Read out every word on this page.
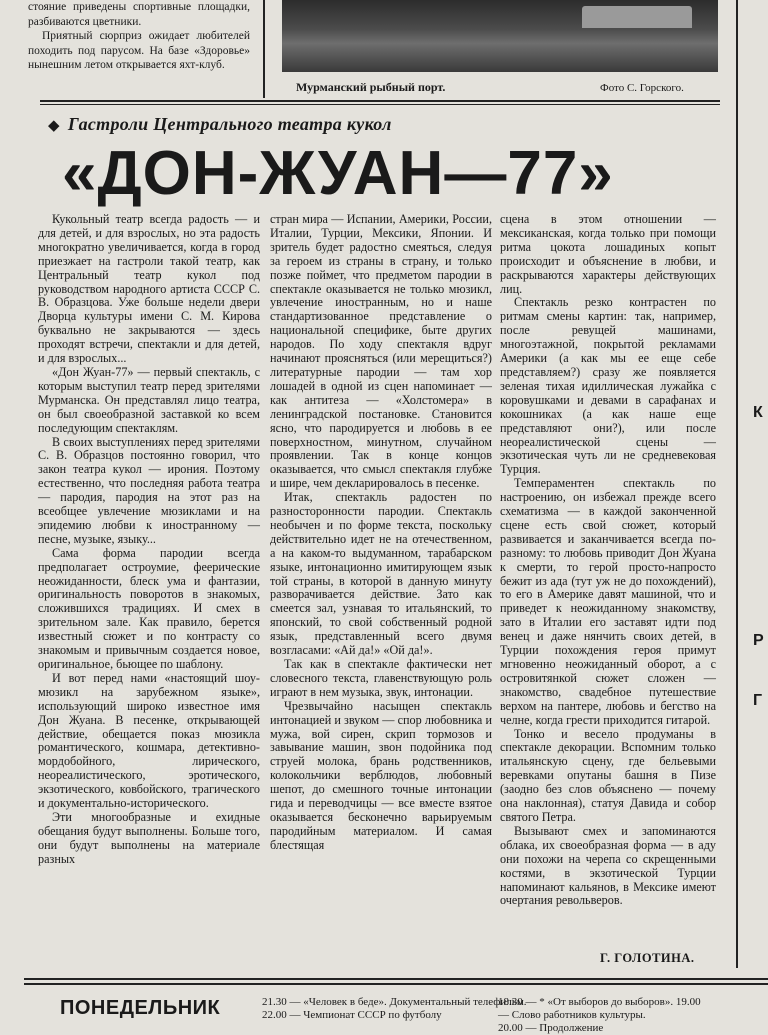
стояние приведены спортивные площадки, разбиваются цветники.

Приятный сюрприз ожидает любителей походить под парусом. На базе «Здоровье» нынешним летом открывается яхт-клуб.

Мурманский рыбный порт.	Фото С. Горского.
◆ Гастроли Центрального театра кукол
«ДОН-ЖУАН—77»

Кукольный театр всегда радость — и для детей, и для взрослых, но эта радость многократно увеличивается, когда в город приезжает на гастроли такой театр, как Центральный театр кукол под руководством народного артиста СССР С. В. Образцова. Уже больше недели двери Дворца культуры имени С. М. Кирова буквально не закрываются — здесь проходят встречи, спектакли и для детей, и для взрослых...

«Дон Жуан-77» — первый спектакль, с которым выступил театр перед зрителями Мурманска. Он представлял лицо театра, он был своеобразной заставкой ко всем последующим спектаклям.

В своих выступлениях перед зрителями С. В. Образцов постоянно говорил, что закон театра кукол — ирония. Поэтому естественно, что последняя работа театра — пародия, пародия на этот раз на всеобщее увлечение мюзиклами и на эпидемию любви к иностранному — песне, музыке, языку...

Сама форма пародии всегда предполагает остроумие, феерические неожиданности, блеск ума и фантазии, оригинальность поворотов в знакомых, сложившихся традициях. И смех в зрительном зале. Как правило, берется известный сюжет и по контрасту со знакомым и привычным создается новое, оригинальное, бьющее по шаблону.

И вот перед нами «настоящий шоу-мюзикл на зарубежном языке», использующий широко известное имя Дон Жуана. В песенке, открывающей действие, обещается показ мюзикла романтического, кошмара, детективно-мордобойного, лирического, неореалистического, эротического, экзотического, ковбойского, трагического и документально-исторического.

Эти многообразные и ехидные обещания будут выполнены. Больше того, они будут выполнены на материале разных

стран мира — Испании, Америки, России, Италии, Турции, Мексики, Японии. И зритель будет радостно смеяться, следуя за героем из страны в страну, и только позже поймет, что предметом пародии в спектакле оказывается не только мюзикл, увлечение иностранным, но и наше стандартизованное представление о национальной специфике, быте других народов. По ходу спектакля вдруг начинают проясняться (или мерещиться?) литературные пародии — там хор лошадей в одной из сцен напоминает — как антитеза — «Холстомера» в ленинградской постановке. Становится ясно, что пародируется и любовь в ее поверхностном, минутном, случайном проявлении. Так в конце концов оказывается, что смысл спектакля глубже и шире, чем декларировалось в песенке.

Итак, спектакль радостен по разносторонности пародии. Спектакль необычен и по форме текста, поскольку действительно идет не на отечественном, а на каком-то выдуманном, тарабарском языке, интонационно имитирующем язык той страны, в которой в данную минуту разворачивается действие. Зато как смеется зал, узнавая то итальянский, то японский, то свой собственный родной язык, представленный всего двумя возгласами: «Ай да!» «Ой да!».

Так как в спектакле фактически нет словесного текста, главенствующую роль играют в нем музыка, звук, интонации.

Чрезвычайно насыщен спектакль интонацией и звуком — спор любовника и мужа, вой сирен, скрип тормозов и завывание машин, звон подойника под струей молока, брань родственников, колокольчики верблюдов, любовный шепот, до смешного точные интонации гида и переводчицы — все вместе взятое оказывается бесконечно варьируемым пародийным материалом. И самая блестящая

сцена в этом отношении — мексиканская, когда только при помощи ритма цокота лошадиных копыт происходит и объяснение в любви, и раскрываются характеры действующих лиц.

Спектакль резко контрастен по ритмам смены картин: так, например, после ревущей машинами, многоэтажной, покрытой рекламами Америки (а как мы ее еще себе представляем?) сразу же появляется зеленая тихая идиллическая лужайка с коровушками и девами в сарафанах и кокошниках (а как наше еще представляют они?), или после неореалистической сцены — экзотическая чуть ли не средневековая Турция.

Темпераментен спектакль по настроению, он избежал прежде всего схематизма — в каждой законченной сцене есть свой сюжет, который развивается и заканчивается всегда по-разному: то любовь приводит Дон Жуана к смерти, то герой просто-напросто бежит из ада (тут уж не до похождений), то его в Америке давят машиной, что и приведет к неожиданному знакомству, зато в Италии его заставят идти под венец и даже нянчить своих детей, в Турции похождения героя примут мгновенно неожиданный оборот, а с островитянкой сюжет сложен — знакомство, свадебное путешествие верхом на пантере, любовь и бегство на челне, когда грести приходится гитарой.

Тонко и весело продуманы в спектакле декорации. Вспомним только итальянскую сцену, где бельевыми веревками опутаны башня в Пизе (заодно без слов объяснено — почему она наклонная), статуя Давида и собор святого Петра.

Вызывают смех и запоминаются облака, их своеобразная форма — в аду они похожи на черепа со скрещенными костями, в экзотической Турции напоминают кальянов, в Мексике имеют очертания револьверов.

Г. ГОЛОТИНА.
ПОНЕДЕЛЬНИК	21.30 — «Человек в беде». Документальный телефильм.
22.00 — Чемпионат СССР по футболу
18.30 — * «От выборов до выборов». 19.00
— Слово работников культуры.
20.00 — Продолжение
К
Р
Г
